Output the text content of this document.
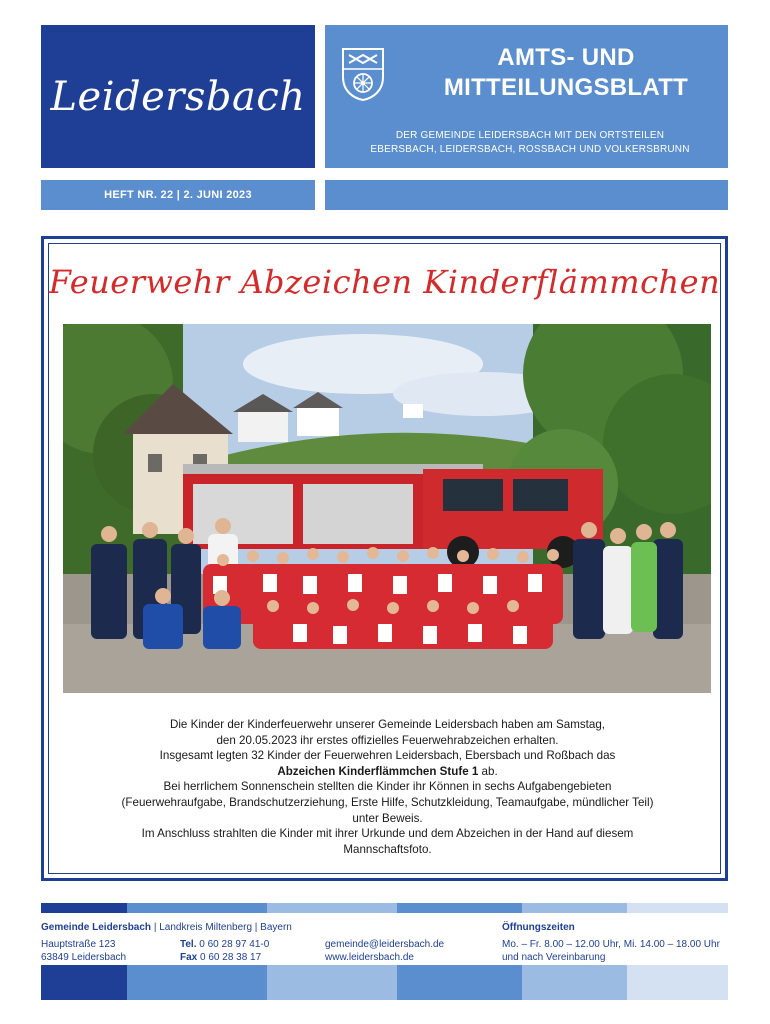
Leidersbach
AMTS- UND
MITTEILUNGSBLATT
DER GEMEINDE LEIDERSBACH MIT DEN ORTSTEILEN
EBERSBACH, LEIDERSBACH, ROSSBACH UND VOLKERSBRUNN
HEFT NR. 22 | 2. JUNI 2023
Feuerwehr Abzeichen Kinderflämmchen
Die Kinder der Kinderfeuerwehr unserer Gemeinde Leidersbach haben am Samstag,
den 20.05.2023 ihr erstes offizielles Feuerwehrabzeichen erhalten.
Insgesamt legten 32 Kinder der Feuerwehren Leidersbach, Ebersbach und Roßbach das
Abzeichen Kinderflämmchen Stufe 1 ab.
Bei herrlichem Sonnenschein stellten die Kinder ihr Können in sechs Aufgabengebieten
(Feuerwehraufgabe, Brandschutzerziehung, Erste Hilfe, Schutzkleidung, Teamaufgabe, mündlicher Teil)
unter Beweis.
Im Anschluss strahlten die Kinder mit ihrer Urkunde und dem Abzeichen in der Hand auf diesem
Mannschaftsfoto.
Gemeinde Leidersbach | Landkreis Miltenberg | Bayern	Öffnungszeiten
Hauptstraße 123
63849 Leidersbach
Tel. 0 60 28 97 41-0
Fax 0 60 28 38 17
gemeinde@leidersbach.de
www.leidersbach.de
Mo. – Fr. 8.00 – 12.00 Uhr, Mi. 14.00 – 18.00 Uhr
und nach Vereinbarung
